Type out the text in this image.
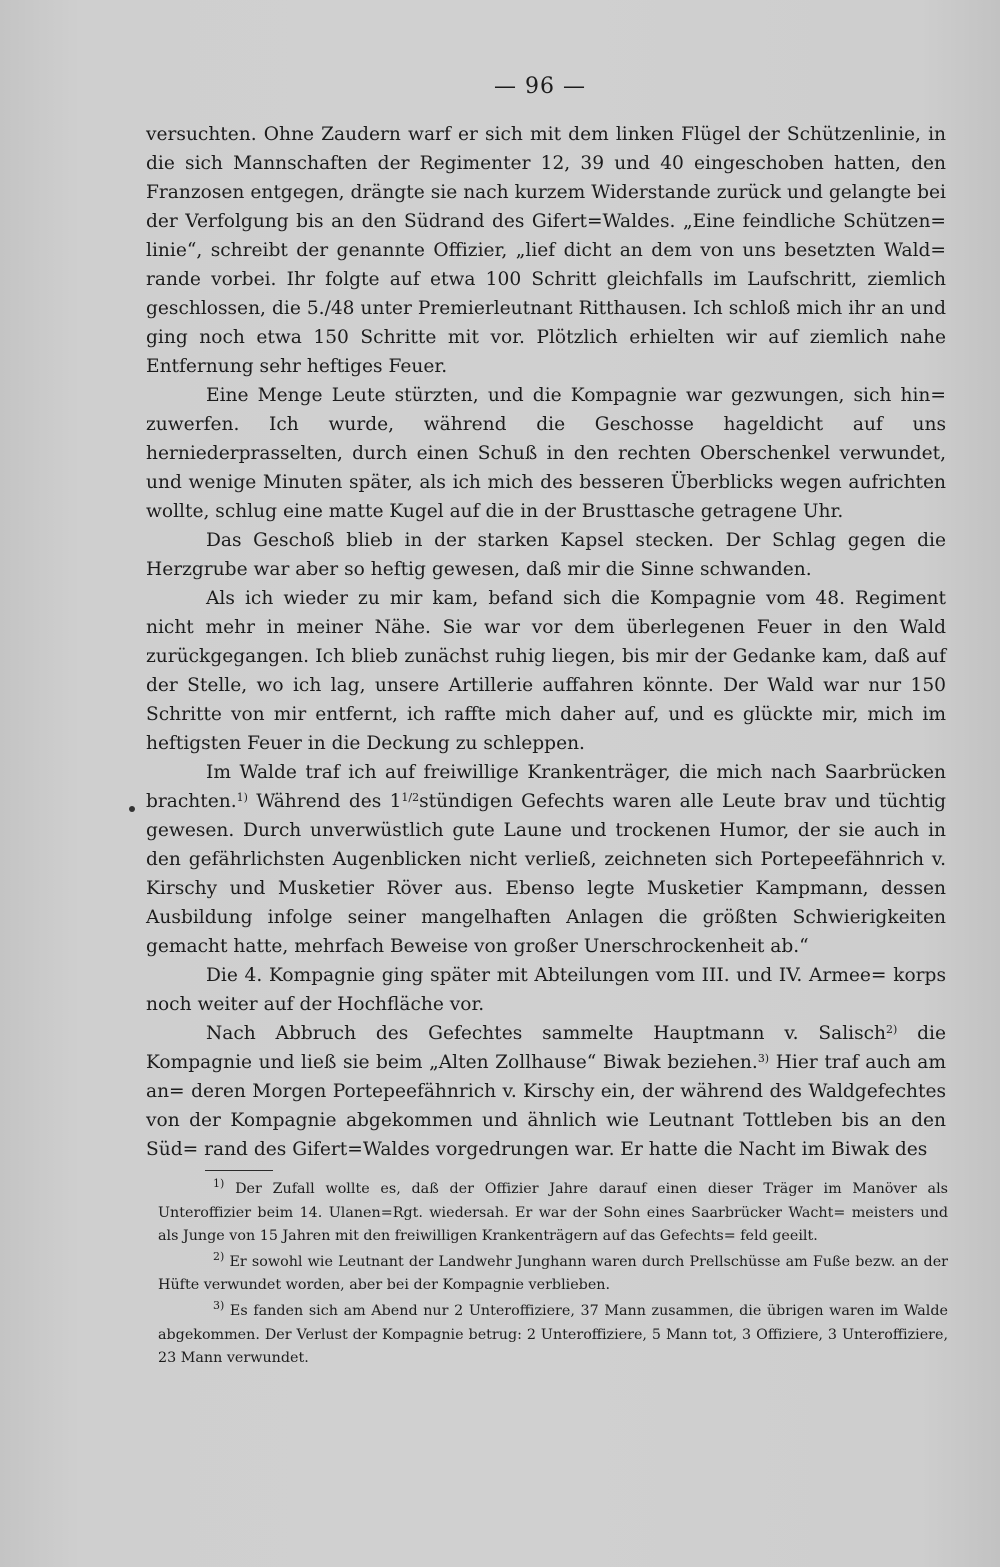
— 96 —

versuchten. Ohne Zaudern warf er sich mit dem linken Flügel der Schützenlinie, in die sich Mannschaften der Regimenter 12, 39 und 40 eingeschoben hatten, den Franzosen entgegen, drängte sie nach kurzem Widerstande zurück und gelangte bei der Verfolgung bis an den Südrand des Gifert=Waldes. „Eine feindliche Schützen= linie“, schreibt der genannte Offizier, „lief dicht an dem von uns besetzten Wald= rande vorbei. Ihr folgte auf etwa 100 Schritt gleichfalls im Laufschritt, ziemlich geschlossen, die 5./48 unter Premierleutnant Ritthausen. Ich schloß mich ihr an und ging noch etwa 150 Schritte mit vor. Plötzlich erhielten wir auf ziemlich nahe Entfernung sehr heftiges Feuer.

Eine Menge Leute stürzten, und die Kompagnie war gezwungen, sich hin= zuwerfen. Ich wurde, während die Geschosse hageldicht auf uns herniederprasselten, durch einen Schuß in den rechten Oberschenkel verwundet, und wenige Minuten später, als ich mich des besseren Überblicks wegen aufrichten wollte, schlug eine matte Kugel auf die in der Brusttasche getragene Uhr.

Das Geschoß blieb in der starken Kapsel stecken. Der Schlag gegen die Herzgrube war aber so heftig gewesen, daß mir die Sinne schwanden.

Als ich wieder zu mir kam, befand sich die Kompagnie vom 48. Regiment nicht mehr in meiner Nähe. Sie war vor dem überlegenen Feuer in den Wald zurückgegangen. Ich blieb zunächst ruhig liegen, bis mir der Gedanke kam, daß auf der Stelle, wo ich lag, unsere Artillerie auffahren könnte. Der Wald war nur 150 Schritte von mir entfernt, ich raffte mich daher auf, und es glückte mir, mich im heftigsten Feuer in die Deckung zu schleppen.

Im Walde traf ich auf freiwillige Krankenträger, die mich nach Saarbrücken brachten.$^{1)}$ Während des $1^{1/2}stündigen$ Gefechts waren alle Leute brav und tüchtig gewesen. Durch unverwüstlich gute Laune und trockenen Humor, der sie auch in den gefährlichsten Augenblicken nicht verließ, zeichneten sich Portepeefähnrich v. Kirschy und Musketier Röver aus. Ebenso legte Musketier Kampmann, dessen Ausbildung infolge seiner mangelhaften Anlagen die größten Schwierigkeiten gemacht hatte, mehrfach Beweise von großer Unerschrockenheit ab.“

Die 4. Kompagnie ging später mit Abteilungen vom III. und IV. Armee= korps noch weiter auf der Hochfläche vor.

Nach Abbruch des Gefechtes sammelte Hauptmann v. Salisch$^{2)}$ die Kompagnie und ließ sie beim „Alten Zollhause“ Biwak beziehen.$^{3)}$ Hier traf auch am an= deren Morgen Portepeefähnrich v. Kirschy ein, der während des Waldgefechtes von der Kompagnie abgekommen und ähnlich wie Leutnant Tottleben bis an den Süd= rand des Gifert=Waldes vorgedrungen war. Er hatte die Nacht im Biwak des

$^{1)}$ Der Zufall wollte es, daß der Offizier Jahre darauf einen dieser Träger im Manöver als Unteroffizier beim 14. Ulanen=Rgt. wiedersah. Er war der Sohn eines Saarbrücker Wacht= meisters und als Junge von 15 Jahren mit den freiwilligen Krankenträgern auf das Gefechts= feld geeilt.

$^{2)}$ Er sowohl wie Leutnant der Landwehr Junghann waren durch Prellschüsse am Fuße bezw. an der Hüfte verwundet worden, aber bei der Kompagnie verblieben.

$^{3)}$ Es fanden sich am Abend nur 2 Unteroffiziere, 37 Mann zusammen, die übrigen waren im Walde abgekommen. Der Verlust der Kompagnie betrug: 2 Unteroffiziere, 5 Mann tot, 3 Offiziere, 3 Unteroffiziere, 23 Mann verwundet.
